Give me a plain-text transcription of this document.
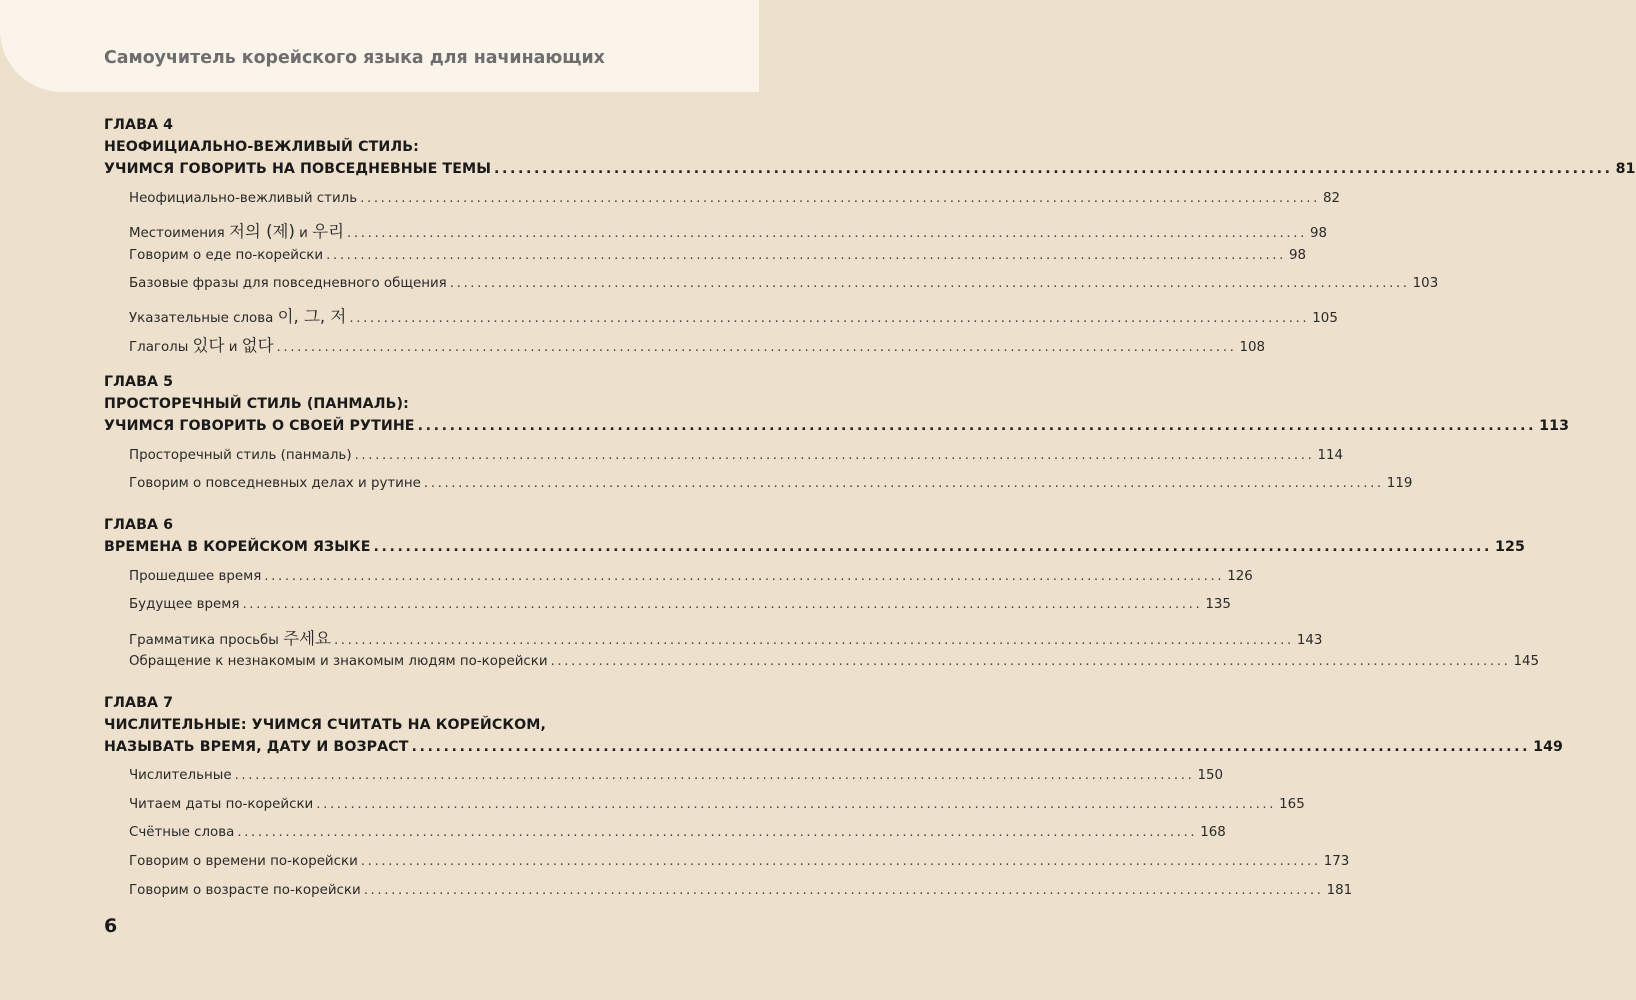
Самоучитель корейского языка для начинающих
ГЛАВА 4
НЕОФИЦИАЛЬНО-ВЕЖЛИВЫЙ СТИЛЬ:
УЧИМСЯ ГОВОРИТЬ НА ПОВСЕДНЕВНЫЕ ТЕМЫ ............................................................................................................................................ 81
Неофициально-вежливый стиль ............................................................................................................................................ 82
Местоимения 저의 (제) и 우리 ............................................................................................................................................ 98
Говорим о еде по-корейски ............................................................................................................................................ 98
Базовые фразы для повседневного общения ............................................................................................................................................ 103
Указательные слова 이, 그, 저 ............................................................................................................................................ 105
Глаголы 있다 и 없다 ............................................................................................................................................ 108
ГЛАВА 5
ПРОСТОРЕЧНЫЙ СТИЛЬ (ПАНМАЛЬ):
УЧИМСЯ ГОВОРИТЬ О СВОЕЙ РУТИНЕ ............................................................................................................................................ 113
Просторечный стиль (панмаль) ............................................................................................................................................ 114
Говорим о повседневных делах и рутине ............................................................................................................................................ 119
ГЛАВА 6
ВРЕМЕНА В КОРЕЙСКОМ ЯЗЫКЕ ............................................................................................................................................ 125
Прошедшее время ............................................................................................................................................ 126
Будущее время ............................................................................................................................................ 135
Грамматика просьбы 주세요 ............................................................................................................................................ 143
Обращение к незнакомым и знакомым людям по-корейски ............................................................................................................................................ 145
ГЛАВА 7
ЧИСЛИТЕЛЬНЫЕ: УЧИМСЯ СЧИТАТЬ НА КОРЕЙСКОМ,
НАЗЫВАТЬ ВРЕМЯ, ДАТУ И ВОЗРАСТ ............................................................................................................................................ 149
Числительные ............................................................................................................................................ 150
Читаем даты по-корейски ............................................................................................................................................ 165
Счётные слова ............................................................................................................................................ 168
Говорим о времени по-корейски ............................................................................................................................................ 173
Говорим о возрасте по-корейски ............................................................................................................................................ 181
6
